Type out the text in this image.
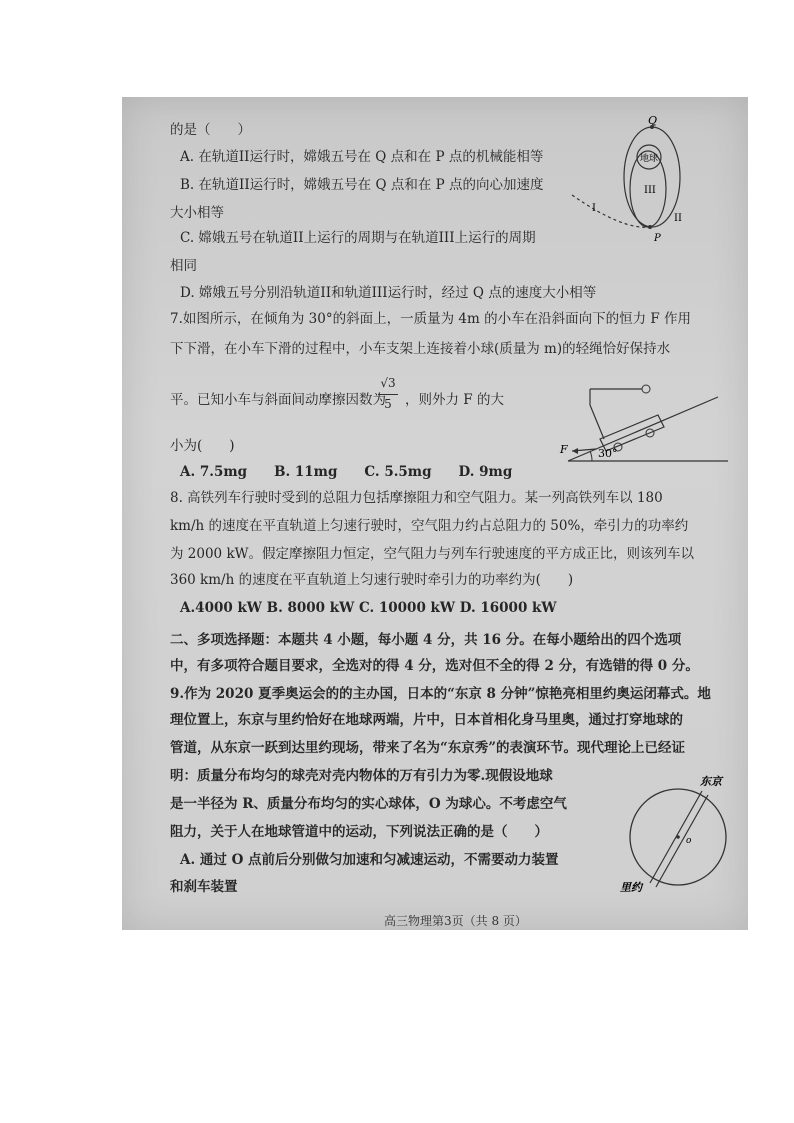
的是（　　）
A. 在轨道II运行时，嫦娥五号在 Q 点和在 P 点的机械能相等
B. 在轨道II运行时，嫦娥五号在 Q 点和在 P 点的向心加速度
大小相等
C. 嫦娥五号在轨道II上运行的周期与在轨道III上运行的周期
相同
D. 嫦娥五号分别沿轨道II和轨道III运行时，经过 Q 点的速度大小相等
Q
地球
III
I
II
P
7.如图所示，在倾角为 30°的斜面上，一质量为 4m 的小车在沿斜面向下的恒力 F 作用
下下滑，在小车下滑的过程中，小车支架上连接着小球(质量为 m)的轻绳恰好保持水
平。已知小车与斜面间动摩擦因数为
√3
5 ，则外力 F 的大
小为(　　)	F	30°
A. 7.5mg　　B. 11mg　　C. 5.5mg　　D. 9mg
8. 高铁列车行驶时受到的总阻力包括摩擦阻力和空气阻力。某一列高铁列车以 180
km/h 的速度在平直轨道上匀速行驶时，空气阻力约占总阻力的 50%，牵引力的功率约
为 2000 kW。假定摩擦阻力恒定，空气阻力与列车行驶速度的平方成正比，则该列车以
360 km/h 的速度在平直轨道上匀速行驶时牵引力的功率约为(　　)
A.4000 kW B. 8000 kW C. 10000 kW D. 16000 kW
二、多项选择题：本题共 4 小题，每小题 4 分，共 16 分。在每小题给出的四个选项
中，有多项符合题目要求，全选对的得 4 分，选对但不全的得 2 分，有选错的得 0 分。
9.作为 2020 夏季奥运会的的主办国，日本的“东京 8 分钟”惊艳亮相里约奥运闭幕式。地
理位置上，东京与里约恰好在地球两端，片中，日本首相化身马里奥，通过打穿地球的
管道，从东京一跃到达里约现场，带来了名为“东京秀”的表演环节。现代理论上已经证
明：质量分布均匀的球壳对壳内物体的万有引力为零.现假设地球
是一半径为 R、质量分布均匀的实心球体，O 为球心。不考虑空气
阻力，关于人在地球管道中的运动，下列说法正确的是（　　）
A. 通过 O 点前后分别做匀加速和匀减速运动，不需要动力装置
和刹车装置
o
东京
里约
高三物理第3页（共 8 页）
